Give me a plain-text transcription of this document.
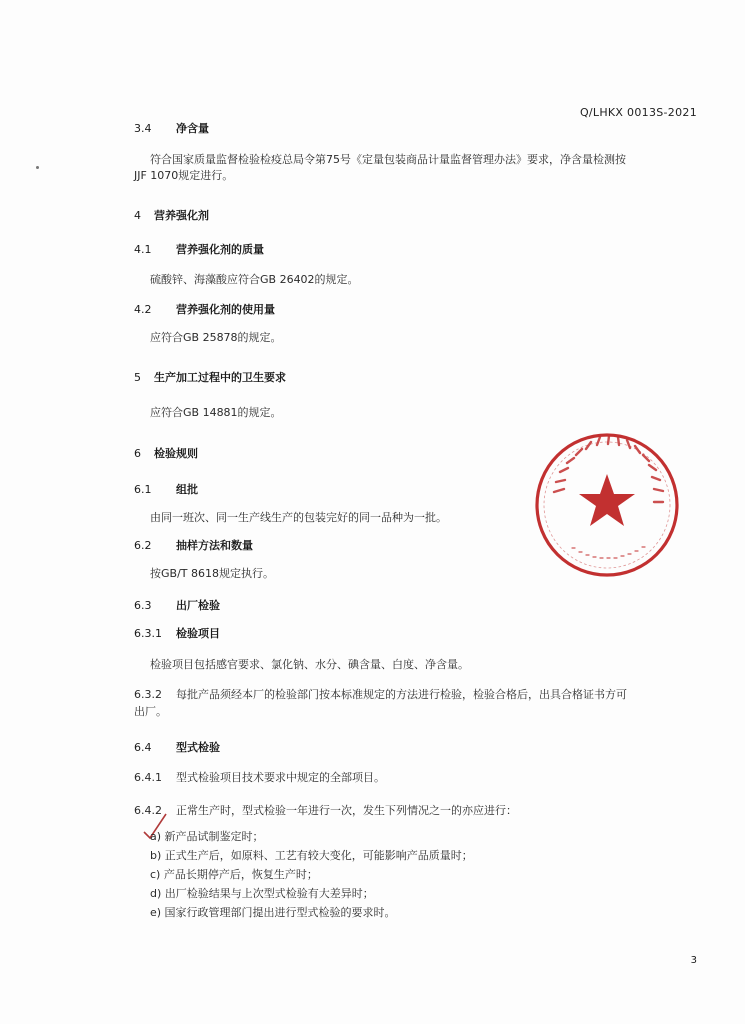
Q/LHKX 0013S-2021
3.4 净含量
符合国家质量监督检验检疫总局令第75号《定量包装商品计量监督管理办法》要求，净含量检测按
JJF 1070规定进行。
4 营养强化剂
4.1 营养强化剂的质量
硫酸锌、海藻酸应符合GB 26402的规定。
4.2 营养强化剂的使用量
应符合GB 25878的规定。
5 生产加工过程中的卫生要求
应符合GB 14881的规定。
6 检验规则
6.1 组批
由同一班次、同一生产线生产的包装完好的同一品种为一批。
6.2 抽样方法和数量
按GB/T 8618规定执行。
6.3 出厂检验
6.3.1 检验项目
检验项目包括感官要求、氯化钠、水分、碘含量、白度、净含量。
6.3.2 每批产品须经本厂的检验部门按本标准规定的方法进行检验，检验合格后，出具合格证书方可
出厂。
6.4 型式检验
6.4.1 型式检验项目技术要求中规定的全部项目。
6.4.2 正常生产时，型式检验一年进行一次，发生下列情况之一的亦应进行：
a) 新产品试制鉴定时；
b) 正式生产后，如原料、工艺有较大变化，可能影响产品质量时；
c) 产品长期停产后，恢复生产时；
d) 出厂检验结果与上次型式检验有大差异时；
e) 国家行政管理部门提出进行型式检验的要求时。
3
